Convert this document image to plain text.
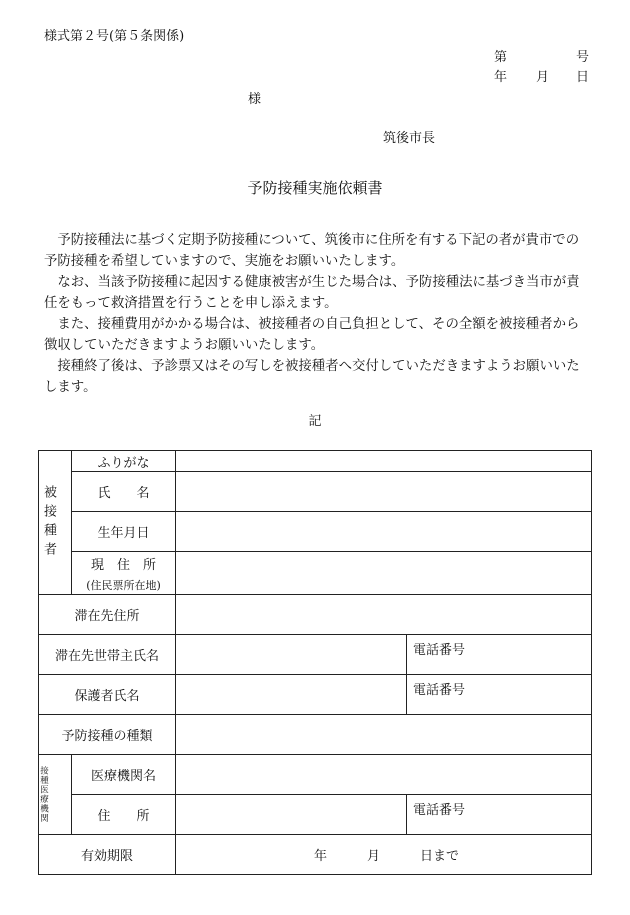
様式第２号(第５条関係)
第	号
年 月 日
様
筑後市長
予防接種実施依頼書

予防接種法に基づく定期予防接種について、筑後市に住所を有する下記の者が貴市での予防接種を希望していますので、実施をお願いいたします。

なお、当該予防接種に起因する健康被害が生じた場合は、予防接種法に基づき当市が責任をもって救済措置を行うことを申し添えます。

また、接種費用がかかる場合は、被接種者の自己負担として、その全額を被接種者から徴収していただきますようお願いいたします。

接種終了後は、予診票又はその写しを被接種者へ交付していただきますようお願いいたします。

記
被接種者	ふりがな		
	氏　　名		
	生年月日		
	現　住　所
(住民票所在地)		

滞在先住所			
滞在先世帯主氏名			電話番号
保護者氏名			電話番号
予防接種の種類			

接種医療機関	医療機関名		
	住　　所		電話番号
有効期限		年 月 日まで	
